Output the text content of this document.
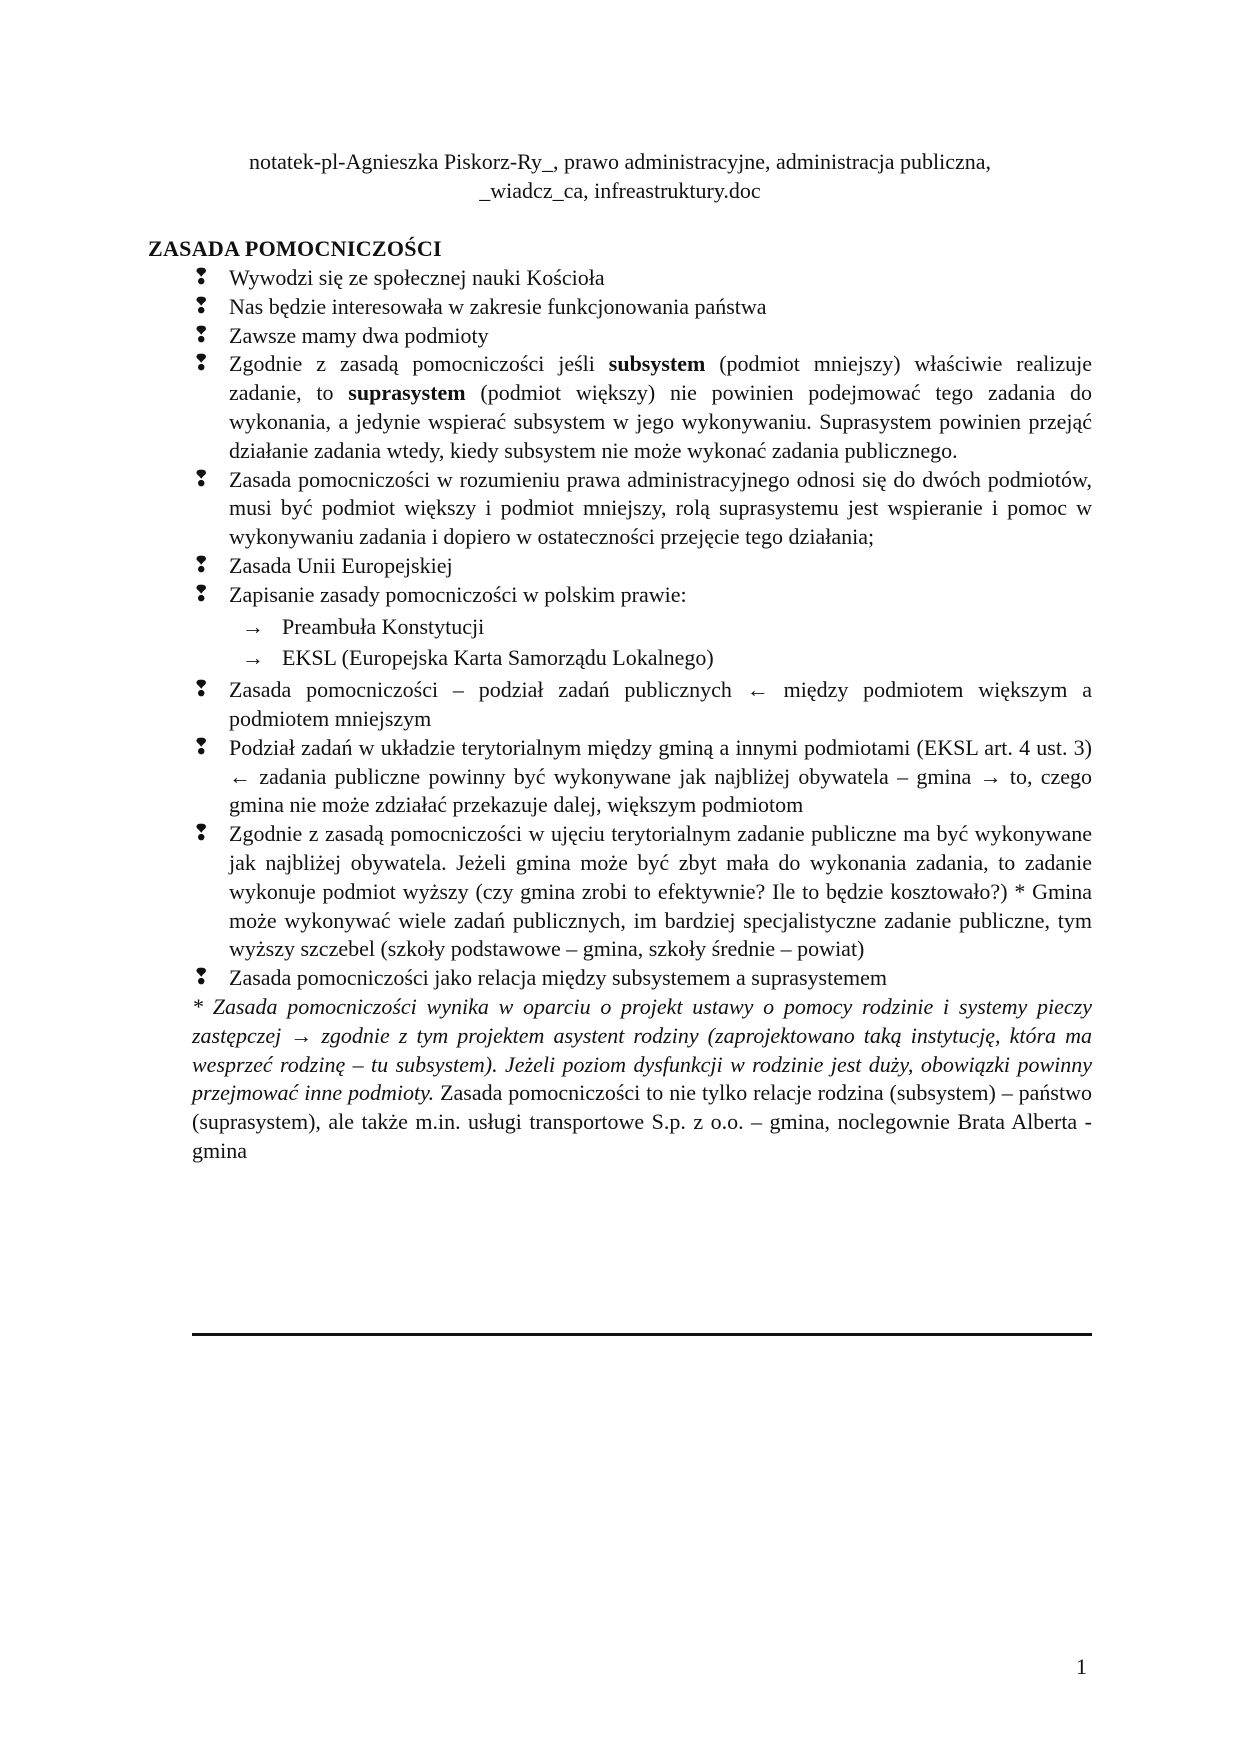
notatek-pl-Agnieszka Piskorz-Ry_, prawo administracyjne, administracja publiczna,
_wiadcz_ca, infreastruktury.doc
ZASADA POMOCNICZOŚCI
❢ Wywodzi się ze społecznej nauki Kościoła
❢ Nas będzie interesowała w zakresie funkcjonowania państwa
❢ Zawsze mamy dwa podmioty
❢ Zgodnie z zasadą pomocniczości jeśli subsystem (podmiot mniejszy) właściwie realizuje zadanie, to suprasystem (podmiot większy) nie powinien podejmować tego zadania do wykonania, a jedynie wspierać subsystem w jego wykonywaniu. Suprasystem powinien przejąć działanie zadania wtedy, kiedy subsystem nie może wykonać zadania publicznego.
❢ Zasada pomocniczości w rozumieniu prawa administracyjnego odnosi się do dwóch podmiotów, musi być podmiot większy i podmiot mniejszy, rolą suprasystemu jest wspieranie i pomoc w wykonywaniu zadania i dopiero w ostateczności przejęcie tego działania;
❢ Zasada Unii Europejskiej
❢ Zapisanie zasady pomocniczości w polskim prawie:
→ Preambuła Konstytucji
→ EKSL (Europejska Karta Samorządu Lokalnego)
❢ Zasada pomocniczości – podział zadań publicznych ← między podmiotem większym a podmiotem mniejszym
❢ Podział zadań w układzie terytorialnym między gminą a innymi podmiotami (EKSL art. 4 ust. 3) ← zadania publiczne powinny być wykonywane jak najbliżej obywatela – gmina → to, czego gmina nie może zdziałać przekazuje dalej, większym podmiotom
❢ Zgodnie z zasadą pomocniczości w ujęciu terytorialnym zadanie publiczne ma być wykonywane jak najbliżej obywatela. Jeżeli gmina może być zbyt mała do wykonania zadania, to zadanie wykonuje podmiot wyższy (czy gmina zrobi to efektywnie? Ile to będzie kosztowało?) * Gmina może wykonywać wiele zadań publicznych, im bardziej specjalistyczne zadanie publiczne, tym wyższy szczebel (szkoły podstawowe – gmina, szkoły średnie – powiat)
❢ Zasada pomocniczości jako relacja między subsystemem a suprasystemem
* Zasada pomocniczości wynika w oparciu o projekt ustawy o pomocy rodzinie i systemy pieczy zastępczej → zgodnie z tym projektem asystent rodziny (zaprojektowano taką instytucję, która ma wesprzeć rodzinę – tu subsystem). Jeżeli poziom dysfunkcji w rodzinie jest duży, obowiązki powinny przejmować inne podmioty. Zasada pomocniczości to nie tylko relacje rodzina (subsystem) – państwo (suprasystem), ale także m.in. usługi transportowe S.p. z o.o. – gmina, noclegownie Brata Alberta - gmina
1
